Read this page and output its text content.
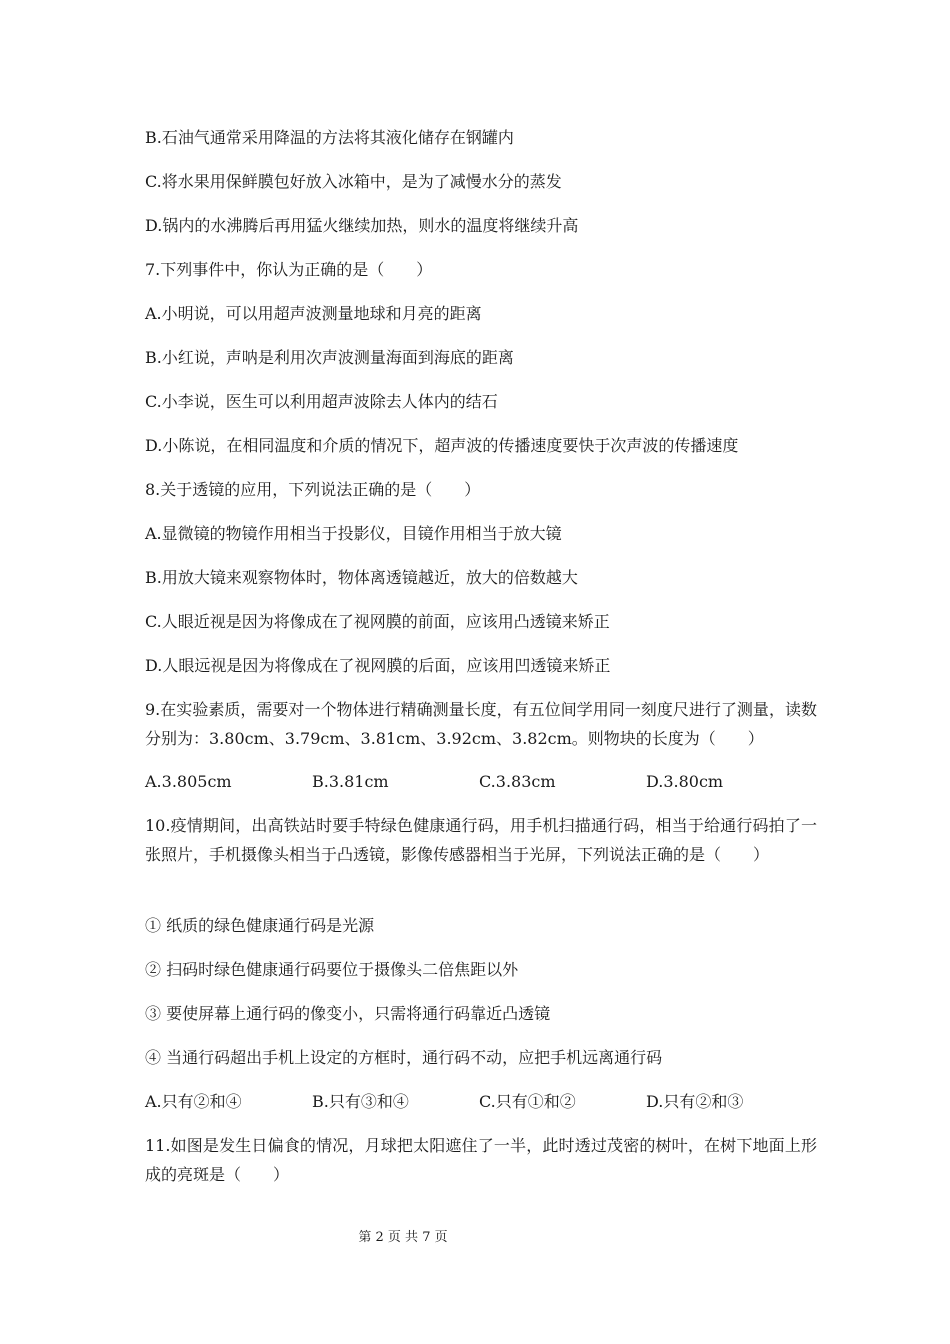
B.石油气通常采用降温的方法将其液化储存在钢罐内
C.将水果用保鲜膜包好放入冰箱中，是为了减慢水分的蒸发
D.锅内的水沸腾后再用猛火继续加热，则水的温度将继续升高
7.下列事件中，你认为正确的是（　　）
A.小明说，可以用超声波测量地球和月亮的距离
B.小红说，声呐是利用次声波测量海面到海底的距离
C.小李说，医生可以利用超声波除去人体内的结石
D.小陈说，在相同温度和介质的情况下，超声波的传播速度要快于次声波的传播速度
8.关于透镜的应用，下列说法正确的是（　　）
A.显微镜的物镜作用相当于投影仪，目镜作用相当于放大镜
B.用放大镜来观察物体时，物体离透镜越近，放大的倍数越大
C.人眼近视是因为将像成在了视网膜的前面，应该用凸透镜来矫正
D.人眼远视是因为将像成在了视网膜的后面，应该用凹透镜来矫正
9.在实验素质，需要对一个物体进行精确测量长度，有五位间学用同一刻度尺进行了测量，读数分别为：3.80cm、3.79cm、3.81cm、3.92cm、3.82cm。则物块的长度为（　　）
A.3.805cm	B.3.81cm	C.3.83cm	D.3.80cm
10.疫情期间，出高铁站时要手特绿色健康通行码，用手机扫描通行码，相当于给通行码拍了一张照片，手机摄像头相当于凸透镜，影像传感器相当于光屏，下列说法正确的是（　　）
① 纸质的绿色健康通行码是光源
② 扫码时绿色健康通行码要位于摄像头二倍焦距以外
③ 要使屏幕上通行码的像变小，只需将通行码靠近凸透镜
④ 当通行码超出手机上设定的方框时，通行码不动，应把手机远离通行码
A.只有②和④	B.只有③和④	C.只有①和②	D.只有②和③
11.如图是发生日偏食的情况，月球把太阳遮住了一半，此时透过茂密的树叶，在树下地面上形成的亮斑是（　　）
第 2 页 共 7 页
